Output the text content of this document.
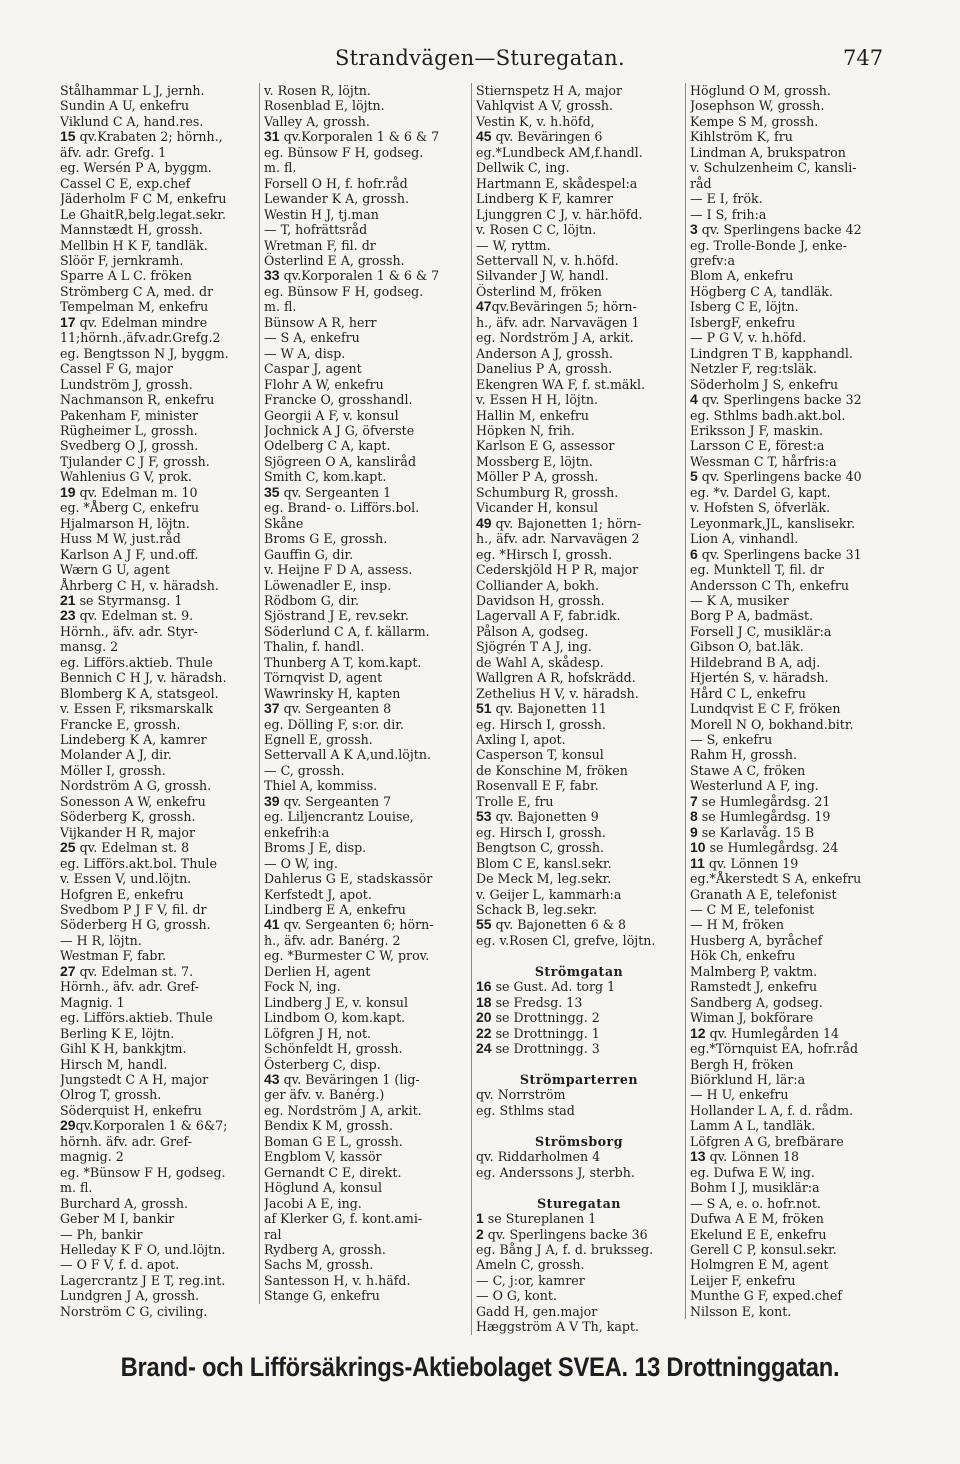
Strandvägen—Sturegatan.	747
Stålhammar L J, jernh.
Sundin A U, enkefru
Viklund C A, hand.res.
15 qv.Krabaten 2; hörnh.,
äfv. adr. Grefg. 1
eg. Wersén P A, byggm.
Cassel C E, exp.chef
Jäderholm F C M, enkefru
Le GhaitR,belg.legat.sekr.
Mannstædt H, grossh.
Mellbin H K F, tandläk.
Slöör F, jernkramh.
Sparre A L C. fröken
Strömberg C A, med. dr
Tempelman M, enkefru
17 qv. Edelman mindre
11;hörnh.,äfv.adr.Grefg.2
eg. Bengtsson N J, byggm.
Cassel F G, major
Lundström J, grossh.
Nachmanson R, enkefru
Pakenham F, minister
Rügheimer L, grossh.
Svedberg O J, grossh.
Tjulander C J F, grossh.
Wahlenius G V, prok.
19 qv. Edelman m. 10
eg. *Åberg C, enkefru
Hjalmarson H, löjtn.
Huss M W, just.råd
Karlson A J F, und.off.
Wærn G U, agent
Åhrberg C H, v. häradsh.
21 se Styrmansg. 1
23 qv. Edelman st. 9.
Hörnh., äfv. adr. Styr-
mansg. 2
eg. Lifförs.aktieb. Thule
Bennich C H J, v. häradsh.
Blomberg K A, statsgeol.
v. Essen F, riksmarskalk
Francke E, grossh.
Lindeberg K A, kamrer
Molander A J, dir.
Möller I, grossh.
Nordström A G, grossh.
Sonesson A W, enkefru
Söderberg K, grossh.
Vijkander H R, major
25 qv. Edelman st. 8
eg. Lifförs.akt.bol. Thule
v. Essen V, und.löjtn.
Hofgren E, enkefru
Svedbom P J F V, fil. dr
Söderberg H G, grossh.
— H R, löjtn.
Westman F, fabr.
27 qv. Edelman st. 7.
Hörnh., äfv. adr. Gref-
Magnig. 1
eg. Lifförs.aktieb. Thule
Berling K E, löjtn.
Gihl K H, bankkjtm.
Hirsch M, handl.
Jungstedt C A H, major
Olrog T, grossh.
Söderquist H, enkefru
29qv.Korporalen 1 & 6&7;
hörnh. äfv. adr. Gref-
magnig. 2
eg. *Bünsow F H, godseg.
m. fl.
Burchard A, grossh.
Geber M I, bankir
— Ph, bankir
Helleday K F O, und.löjtn.
— O F V, f. d. apot.
Lagercrantz J E T, reg.int.
Lundgren J A, grossh.
Norström C G, civiling.
v. Rosen R, löjtn.
Rosenblad E, löjtn.
Valley A, grossh.
31 qv.Korporalen 1 & 6 & 7
eg. Bünsow F H, godseg.
m. fl.
Forsell O H, f. hofr.råd
Lewander K A, grossh.
Westin H J, tj.man
— T, hofrättsråd
Wretman F, fil. dr
Österlind E A, grossh.
33 qv.Korporalen 1 & 6 & 7
eg. Bünsow F H, godseg.
m. fl.
Bünsow A R, herr
— S A, enkefru
— W A, disp.
Caspar J, agent
Flohr A W, enkefru
Francke O, grosshandl.
Georgii A F, v. konsul
Jochnick A J G, öfverste
Odelberg C A, kapt.
Sjögreen O A, kansliråd
Smith C, kom.kapt.
35 qv. Sergeanten 1
eg. Brand- o. Lifförs.bol.
Skåne
Broms G E, grossh.
Gauffin G, dir.
v. Heijne F D A, assess.
Löwenadler E, insp.
Rödbom G, dir.
Sjöstrand J E, rev.sekr.
Söderlund C A, f. källarm.
Thalin, f. handl.
Thunberg A T, kom.kapt.
Törnqvist D, agent
Wawrinsky H, kapten
37 qv. Sergeanten 8
eg. Dölling F, s:or. dir.
Egnell E, grossh.
Settervall A K A,und.löjtn.
— C, grossh.
Thiel A, kommiss.
39 qv. Sergeanten 7
eg. Liljencrantz Louise,
enkefrih:a
Broms J E, disp.
— O W, ing.
Dahlerus G E, stadskassör
Kerfstedt J, apot.
Lindberg E A, enkefru
41 qv. Sergeanten 6; hörn-
h., äfv. adr. Banérg. 2
eg. *Burmester C W, prov.
Derlien H, agent
Fock N, ing.
Lindberg J E, v. konsul
Lindbom O, kom.kapt.
Löfgren J H, not.
Schönfeldt H, grossh.
Österberg C, disp.
43 qv. Beväringen 1 (lig-
ger äfv. v. Banérg.)
eg. Nordström J A, arkit.
Bendix K M, grossh.
Boman G E L, grossh.
Engblom V, kassör
Gernandt C E, direkt.
Höglund A, konsul
Jacobi A E, ing.
af Klerker G, f. kont.ami-
ral
Rydberg A, grossh.
Sachs M, grossh.
Santesson H, v. h.häfd.
Stange G, enkefru
Stiernspetz H A, major
Vahlqvist A V, grossh.
Vestin K, v. h.höfd,
45 qv. Beväringen 6
eg.*Lundbeck AM,f.handl.
Dellwik C, ing.
Hartmann E, skådespel:a
Lindberg K F, kamrer
Ljunggren C J, v. här.höfd.
v. Rosen C C, löjtn.
— W, ryttm.
Settervall N, v. h.höfd.
Silvander J W, handl.
Österlind M, fröken
47qv.Beväringen 5; hörn-
h., äfv. adr. Narvavägen 1
eg. Nordström J A, arkit.
Anderson A J, grossh.
Danelius P A, grossh.
Ekengren WA F, f. st.mäkl.
v. Essen H H, löjtn.
Hallin M, enkefru
Höpken N, frih.
Karlson E G, assessor
Mossberg E, löjtn.
Möller P A, grossh.
Schumburg R, grossh.
Vicander H, konsul
49 qv. Bajonetten 1; hörn-
h., äfv. adr. Narvavägen 2
eg. *Hirsch I, grossh.
Cederskjöld H P R, major
Colliander A, bokh.
Davidson H, grossh.
Lagervall A F, fabr.idk.
Pålson A, godseg.
Sjögrén T A J, ing.
de Wahl A, skådesp.
Wallgren A R, hofskrädd.
Zethelius H V, v. häradsh.
51 qv. Bajonetten 11
eg. Hirsch I, grossh.
Axling I, apot.
Casperson T, konsul
de Konschine M, fröken
Rosenvall E F, fabr.
Trolle E, fru
53 qv. Bajonetten 9
eg. Hirsch I, grossh.
Bengtson C, grossh.
Blom C E, kansl.sekr.
De Meck M, leg.sekr.
v. Geijer L, kammarh:a
Schack B, leg.sekr.
55 qv. Bajonetten 6 & 8
eg. v.Rosen Cl, grefve, löjtn.

Strömgatan
16 se Gust. Ad. torg 1
18 se Fredsg. 13
20 se Drottningg. 2
22 se Drottningg. 1
24 se Drottningg. 3

Strömparterren
qv. Norrström
eg. Sthlms stad

Strömsborg
qv. Riddarholmen 4
eg. Anderssons J, sterbh.

Sturegatan
1 se Stureplanen 1
2 qv. Sperlingens backe 36
eg. Bång J A, f. d. bruksseg.
Ameln C, grossh.
— C, j:or, kamrer
— O G, kont.
Gadd H, gen.major
Hæggström A V Th, kapt.
Höglund O M, grossh.
Josephson W, grossh.
Kempe S M, grossh.
Kihlström K, fru
Lindman A, brukspatron
v. Schulzenheim C, kansli-
råd
— E I, frök.
— I S, frih:a
3 qv. Sperlingens backe 42
eg. Trolle-Bonde J, enke-
grefv:a
Blom A, enkefru
Högberg C A, tandläk.
Isberg C E, löjtn.
IsbergF, enkefru
— P G V, v. h.höfd.
Lindgren T B, kapphandl.
Netzler F, reg:tsläk.
Söderholm J S, enkefru
4 qv. Sperlingens backe 32
eg. Sthlms badh.akt.bol.
Eriksson J F, maskin.
Larsson C E, förest:a
Wessman C T, hårfris:a
5 qv. Sperlingens backe 40
eg. *v. Dardel G, kapt.
v. Hofsten S, öfverläk.
Leyonmark,JL, kanslisekr.
Lion A, vinhandl.
6 qv. Sperlingens backe 31
eg. Munktell T, fil. dr
Andersson C Th, enkefru
— K A, musiker
Borg P A, badmäst.
Forsell J C, musiklär:a
Gibson O, bat.läk.
Hildebrand B A, adj.
Hjertén S, v. häradsh.
Hård C L, enkefru
Lundqvist E C F, fröken
Morell N O, bokhand.bitr.
— S, enkefru
Rahm H, grossh.
Stawe A C, fröken
Westerlund A F, ing.
7 se Humlegårdsg. 21
8 se Humlegårdsg. 19
9 se Karlavåg. 15 B
10 se Humlegårdsg. 24
11 qv. Lönnen 19
eg.*Åkerstedt S A, enkefru
Granath A E, telefonist
— C M E, telefonist
— H M, fröken
Husberg A, byråchef
Hök Ch, enkefru
Malmberg P, vaktm.
Ramstedt J, enkefru
Sandberg A, godseg.
Wiman J, bokförare
12 qv. Humlegården 14
eg.*Törnquist EA, hofr.råd
Bergh H, fröken
Biörklund H, lär:a
— H U, enkefru
Hollander L A, f. d. rådm.
Lamm A L, tandläk.
Löfgren A G, brefbärare
13 qv. Lönnen 18
eg. Dufwa E W, ing.
Bohm I J, musiklär:a
— S A, e. o. hofr.not.
Dufwa A E M, fröken
Ekelund E E, enkefru
Gerell C P, konsul.sekr.
Holmgren E M, agent
Leijer F, enkefru
Munthe G F, exped.chef
Nilsson E, kont.
Brand- och Lifförsäkrings-Aktiebolaget SVEA. 13 Drottninggatan.
